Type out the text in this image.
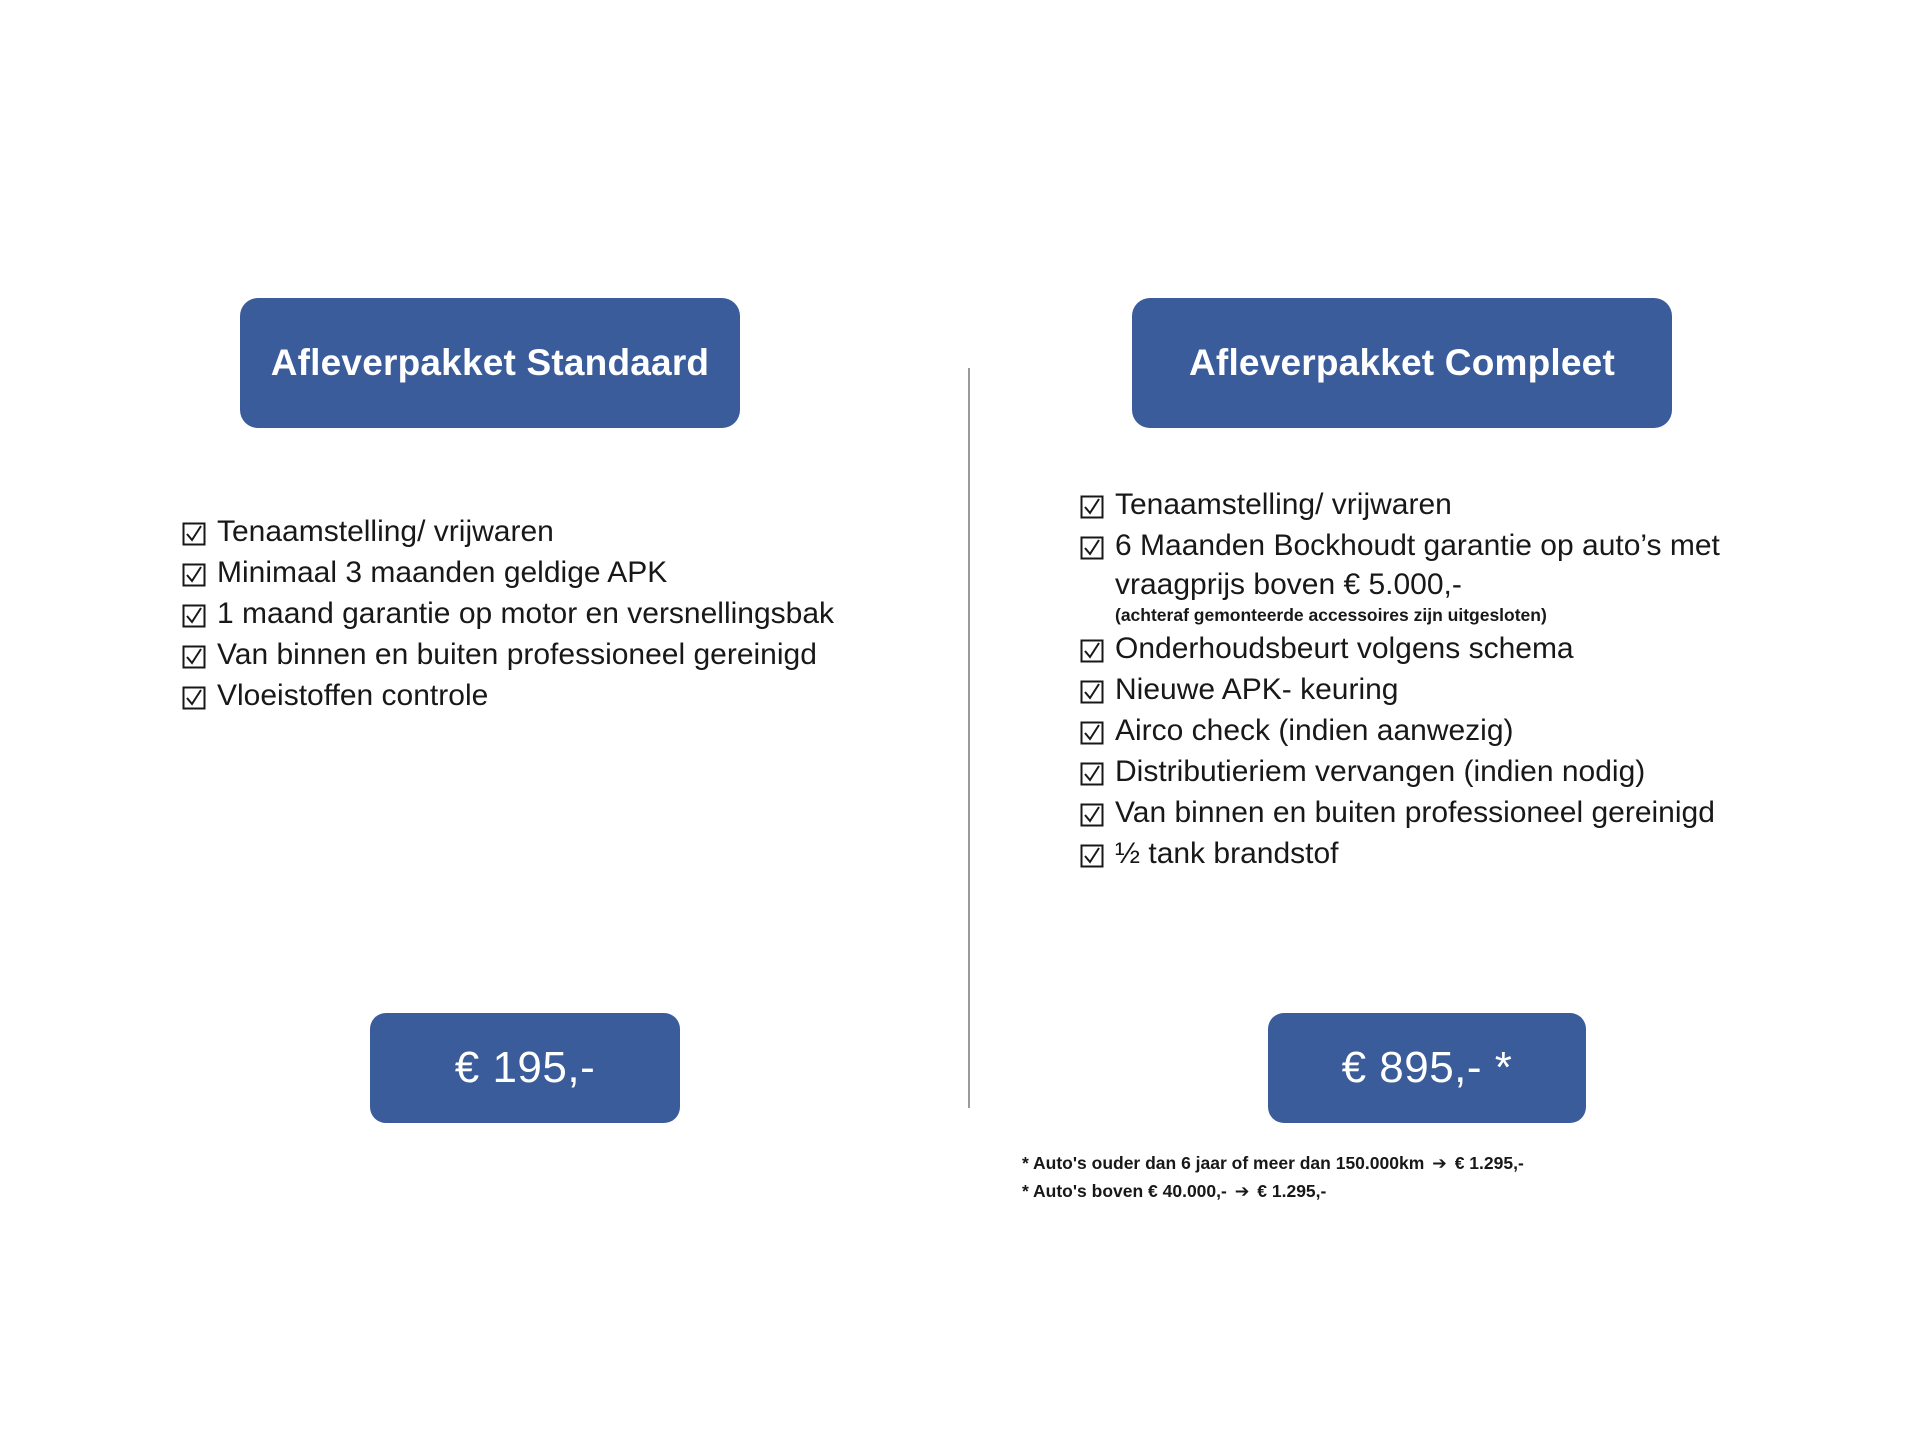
Afleverpakket Standaard
Tenaamstelling/ vrijwaren
Minimaal 3 maanden geldige APK
1 maand garantie op motor en versnellingsbak
Van binnen en buiten professioneel gereinigd
Vloeistoffen controle
€ 195,-
Afleverpakket Compleet
Tenaamstelling/ vrijwaren
6 Maanden Bockhoudt garantie op auto’s met vraagprijs boven € 5.000,-
(achteraf gemonteerde accessoires zijn uitgesloten)
Onderhoudsbeurt volgens schema
Nieuwe APK- keuring
Airco check (indien aanwezig)
Distributieriem vervangen (indien nodig)
Van binnen en buiten professioneel gereinigd
½ tank brandstof
€ 895,- *
* Auto's ouder dan 6 jaar of meer dan 150.000km ➔ € 1.295,-
* Auto's boven € 40.000,- ➔ € 1.295,-
